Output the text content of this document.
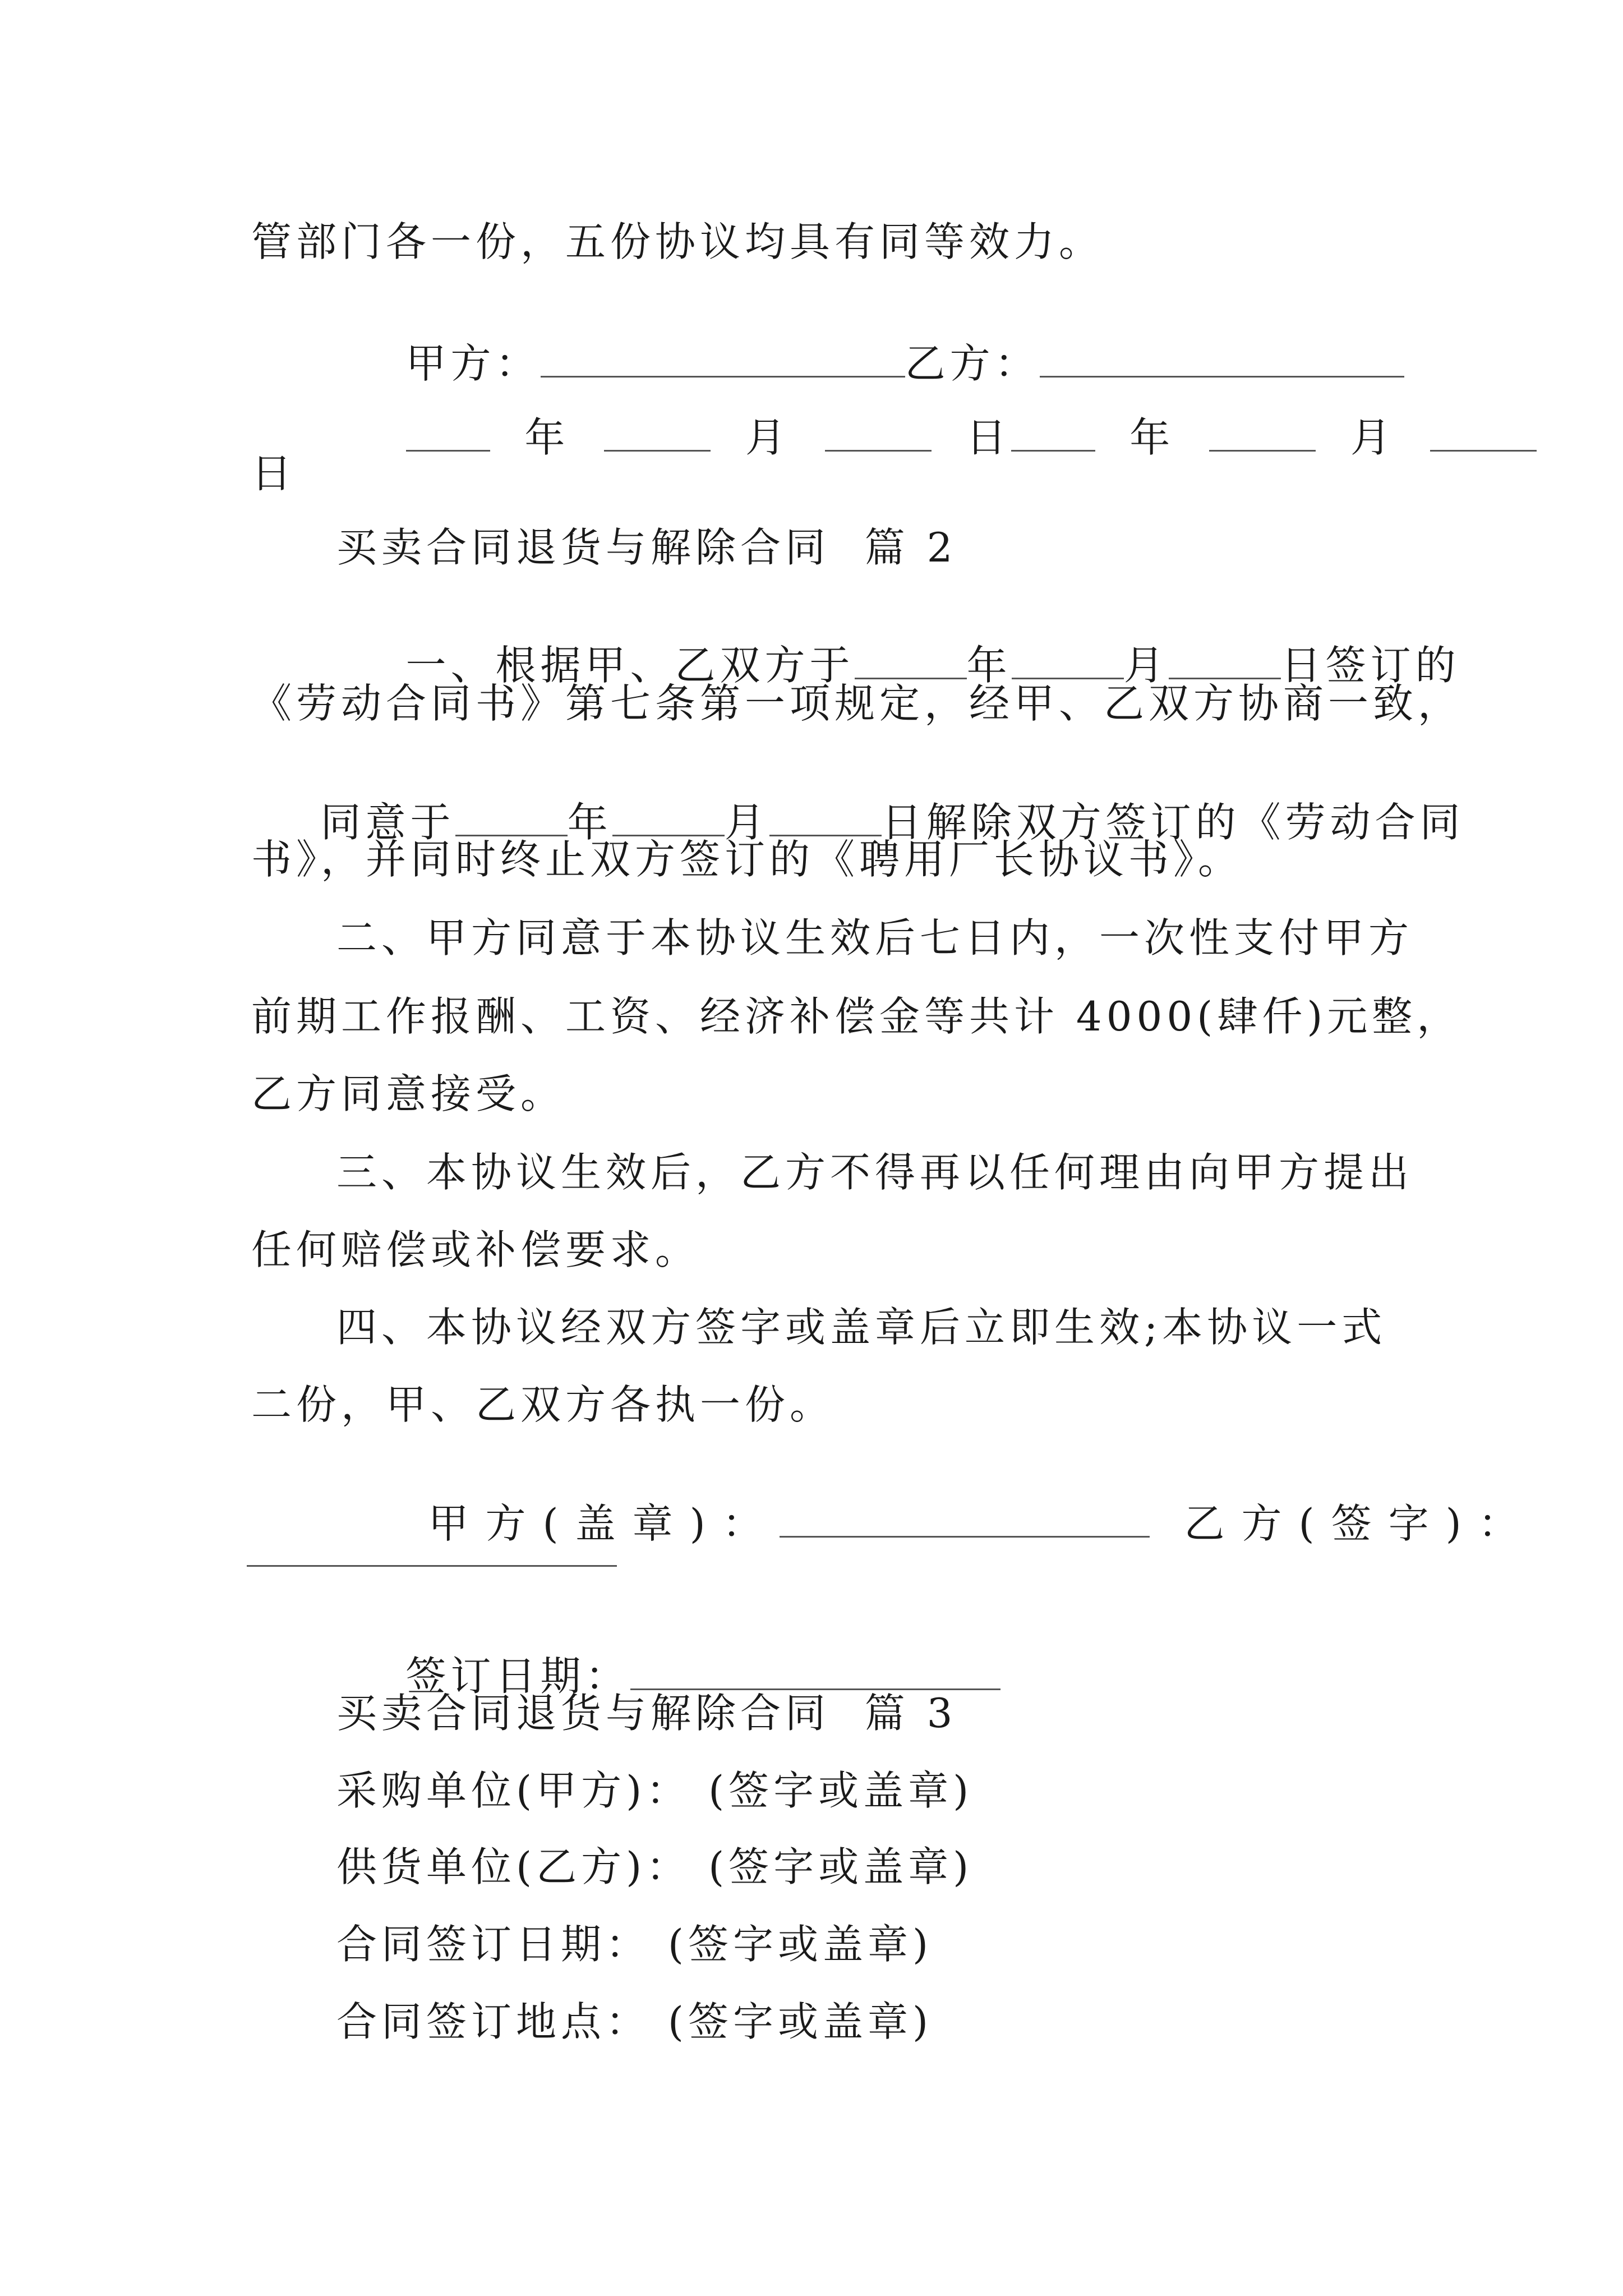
管部门各一份，五份协议均具有同等效力。

甲方：	乙方：

年	月	日	年	月

日
买卖合同退货与解除合同  篇 2

一、根据甲、乙双方于	年	月	日签订的

《劳动合同书》第七条第一项规定，经甲、乙双方协商一致，

同意于	年	月	日解除双方签订的《劳动合同

书》，并同时终止双方签订的《聘用厂长协议书》。
二、甲方同意于本协议生效后七日内，一次性支付甲方
前期工作报酬、工资、经济补偿金等共计 4000(肆仟)元整，
乙方同意接受。
三、本协议生效后，乙方不得再以任何理由向甲方提出
任何赔偿或补偿要求。
四、本协议经双方签字或盖章后立即生效;本协议一式
二份，甲、乙双方各执一份。

甲方(盖章)：	乙方(签字)：

签订日期：

买卖合同退货与解除合同  篇 3
采购单位(甲方)： (签字或盖章)
供货单位(乙方)： (签字或盖章)
合同签订日期： (签字或盖章)
合同签订地点： (签字或盖章)
